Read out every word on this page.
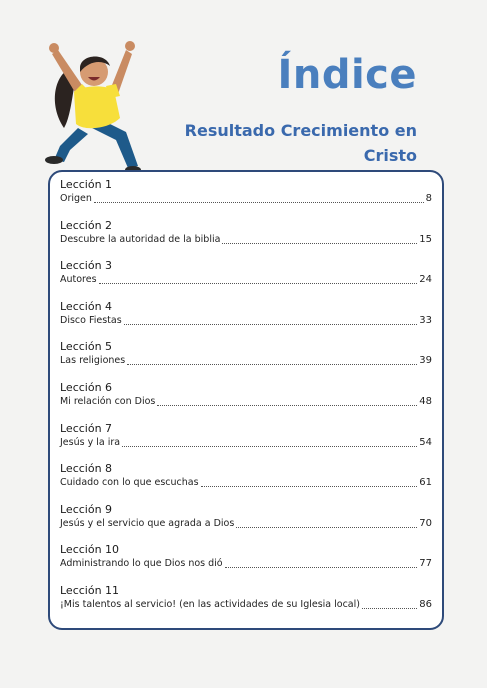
Índice
Resultado Crecimiento en Cristo
Lección 1
Origen	8
Lección 2
Descubre la autoridad de la biblia	15
Lección 3
Autores	24
Lección 4
Disco Fiestas	33
Lección 5
Las religiones	39
Lección 6
Mi relación con Dios	48
Lección 7
Jesús y la ira	54
Lección 8
Cuidado con lo que escuchas	61
Lección 9
Jesús y el servicio que agrada a Dios	70
Lección 10
Administrando lo que Dios nos dió	77
Lección 11
¡Mis talentos al servicio! (en las actividades de su Iglesia local)	86
